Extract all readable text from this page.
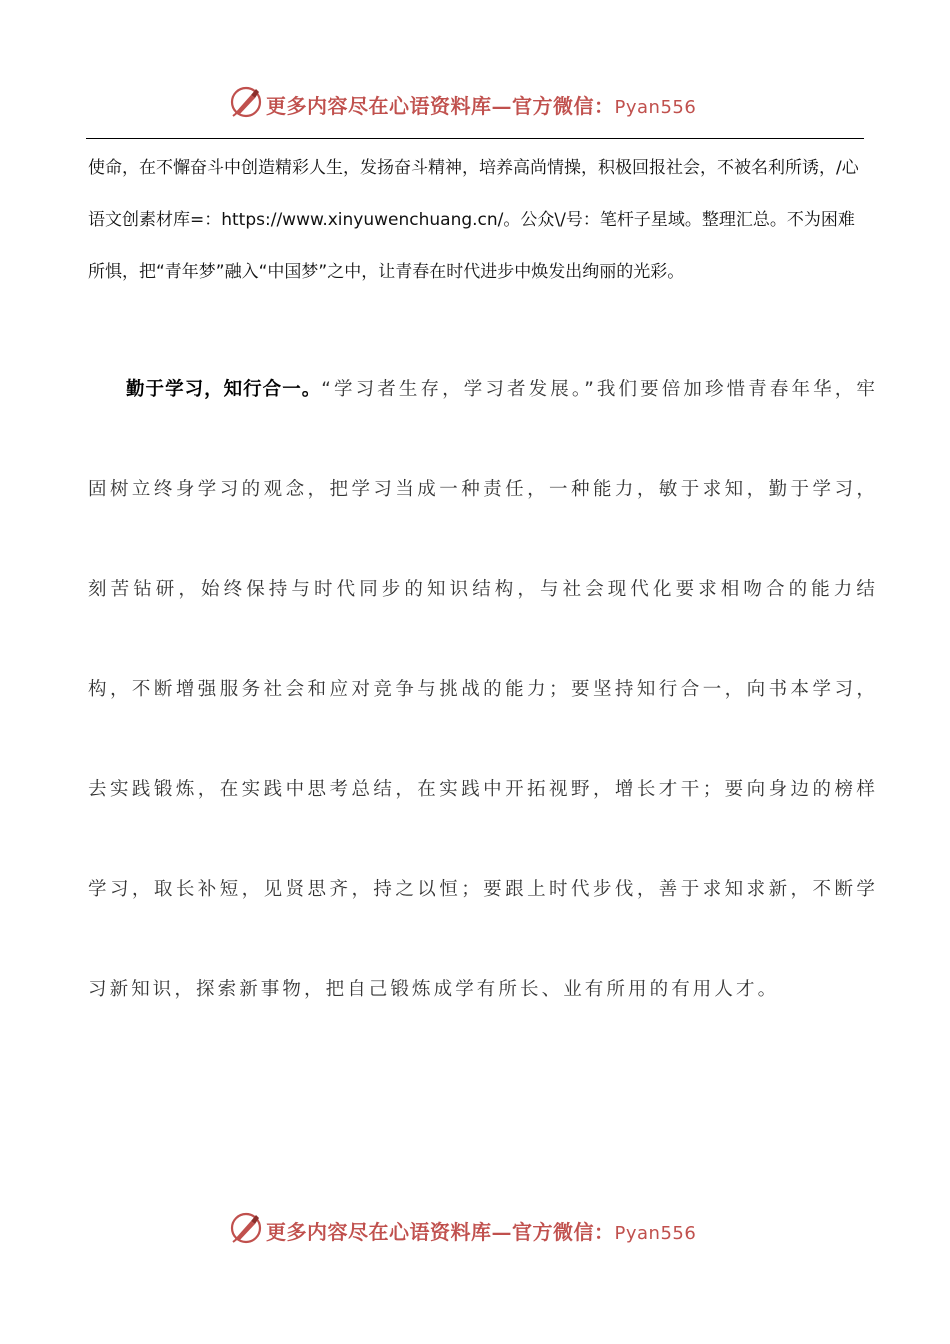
更多内容尽在心语资料库—官方微信：Pyan556

使命，在不懈奋斗中创造精彩人生，发扬奋斗精神，培养高尚情操，积极回报社会，不被名利所诱，/心语文创素材库=：https://www.xinyuwenchuang.cn/。公众\/号：笔杆子星域。整理汇总。不为困难所惧，把“青年梦”融入“中国梦”之中，让青春在时代进步中焕发出绚丽的光彩。

勤于学习，知行合一。“学习者生存，学习者发展。”我们要倍加珍惜青春年华，牢固树立终身学习的观念，把学习当成一种责任，一种能力，敏于求知，勤于学习，刻苦钻研，始终保持与时代同步的知识结构，与社会现代化要求相吻合的能力结构，不断增强服务社会和应对竞争与挑战的能力；要坚持知行合一，向书本学习，去实践锻炼，在实践中思考总结，在实践中开拓视野，增长才干；要向身边的榜样学习，取长补短，见贤思齐，持之以恒；要跟上时代步伐，善于求知求新，不断学习新知识，探索新事物，把自己锻炼成学有所长、业有所用的有用人才。

更多内容尽在心语资料库—官方微信：Pyan556
